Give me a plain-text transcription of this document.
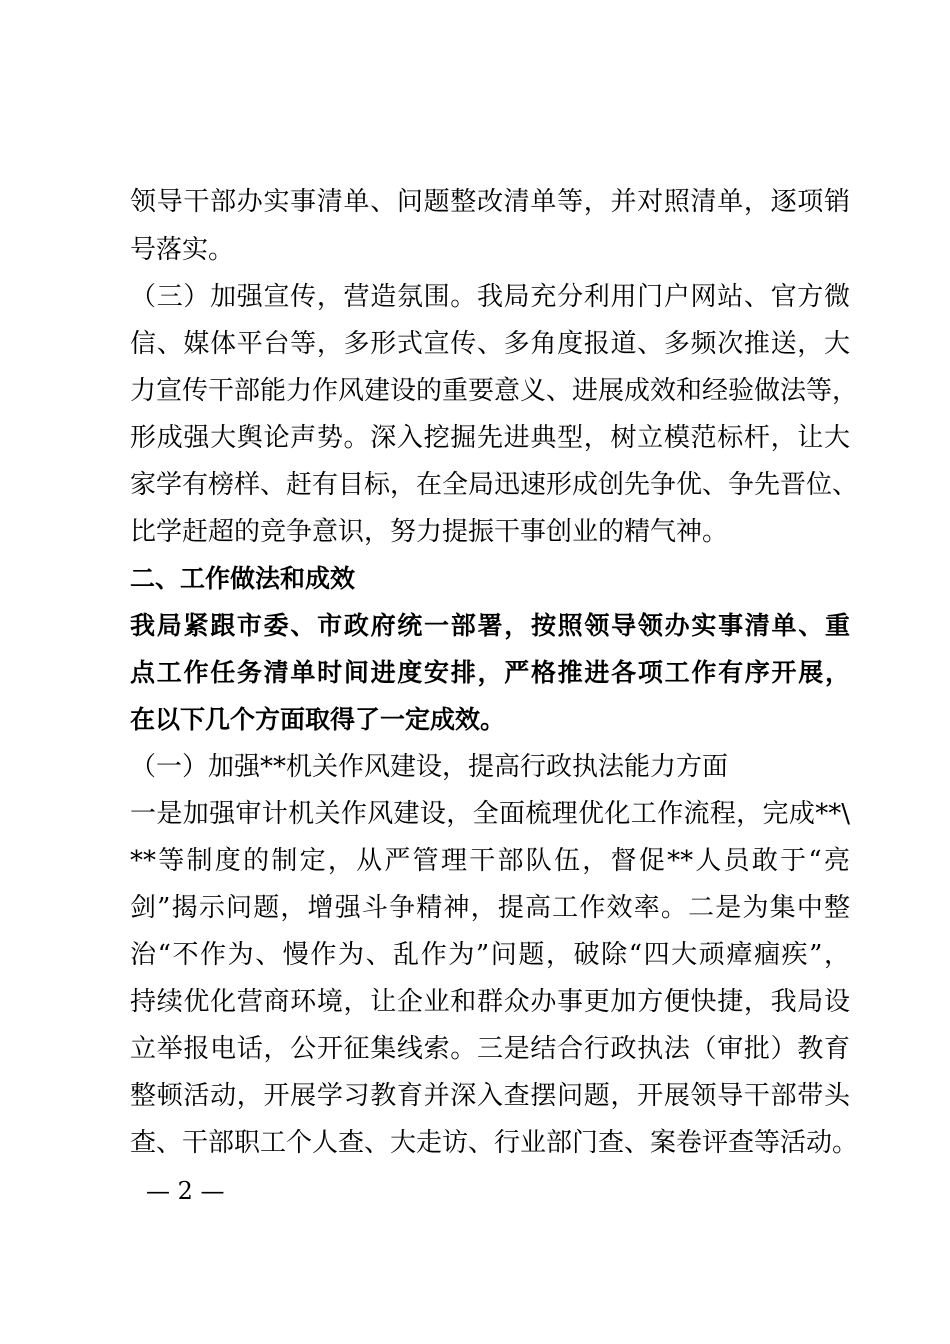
领导干部办实事清单、问题整改清单等，并对照清单，逐项销
号落实。
（三）加强宣传，营造氛围。我局充分利用门户网站、官方微
信、媒体平台等，多形式宣传、多角度报道、多频次推送，大
力宣传干部能力作风建设的重要意义、进展成效和经验做法等，
形成强大舆论声势。深入挖掘先进典型，树立模范标杆，让大
家学有榜样、赶有目标，在全局迅速形成创先争优、争先晋位、
比学赶超的竞争意识，努力提振干事创业的精气神。
二、工作做法和成效
我局紧跟市委、市政府统一部署，按照领导领办实事清单、重
点工作任务清单时间进度安排，严格推进各项工作有序开展，
在以下几个方面取得了一定成效。
（一）加强**机关作风建设，提高行政执法能力方面
一是加强审计机关作风建设，全面梳理优化工作流程，完成**\
**等制度的制定，从严管理干部队伍，督促**人员敢于“亮
剑”揭示问题，增强斗争精神，提高工作效率。二是为集中整
治“不作为、慢作为、乱作为”问题，破除“四大顽瘴痼疾”，
持续优化营商环境，让企业和群众办事更加方便快捷，我局设
立举报电话，公开征集线索。三是结合行政执法（审批）教育
整顿活动，开展学习教育并深入查摆问题，开展领导干部带头
查、干部职工个人查、大走访、行业部门查、案卷评查等活动。
— 2 —
